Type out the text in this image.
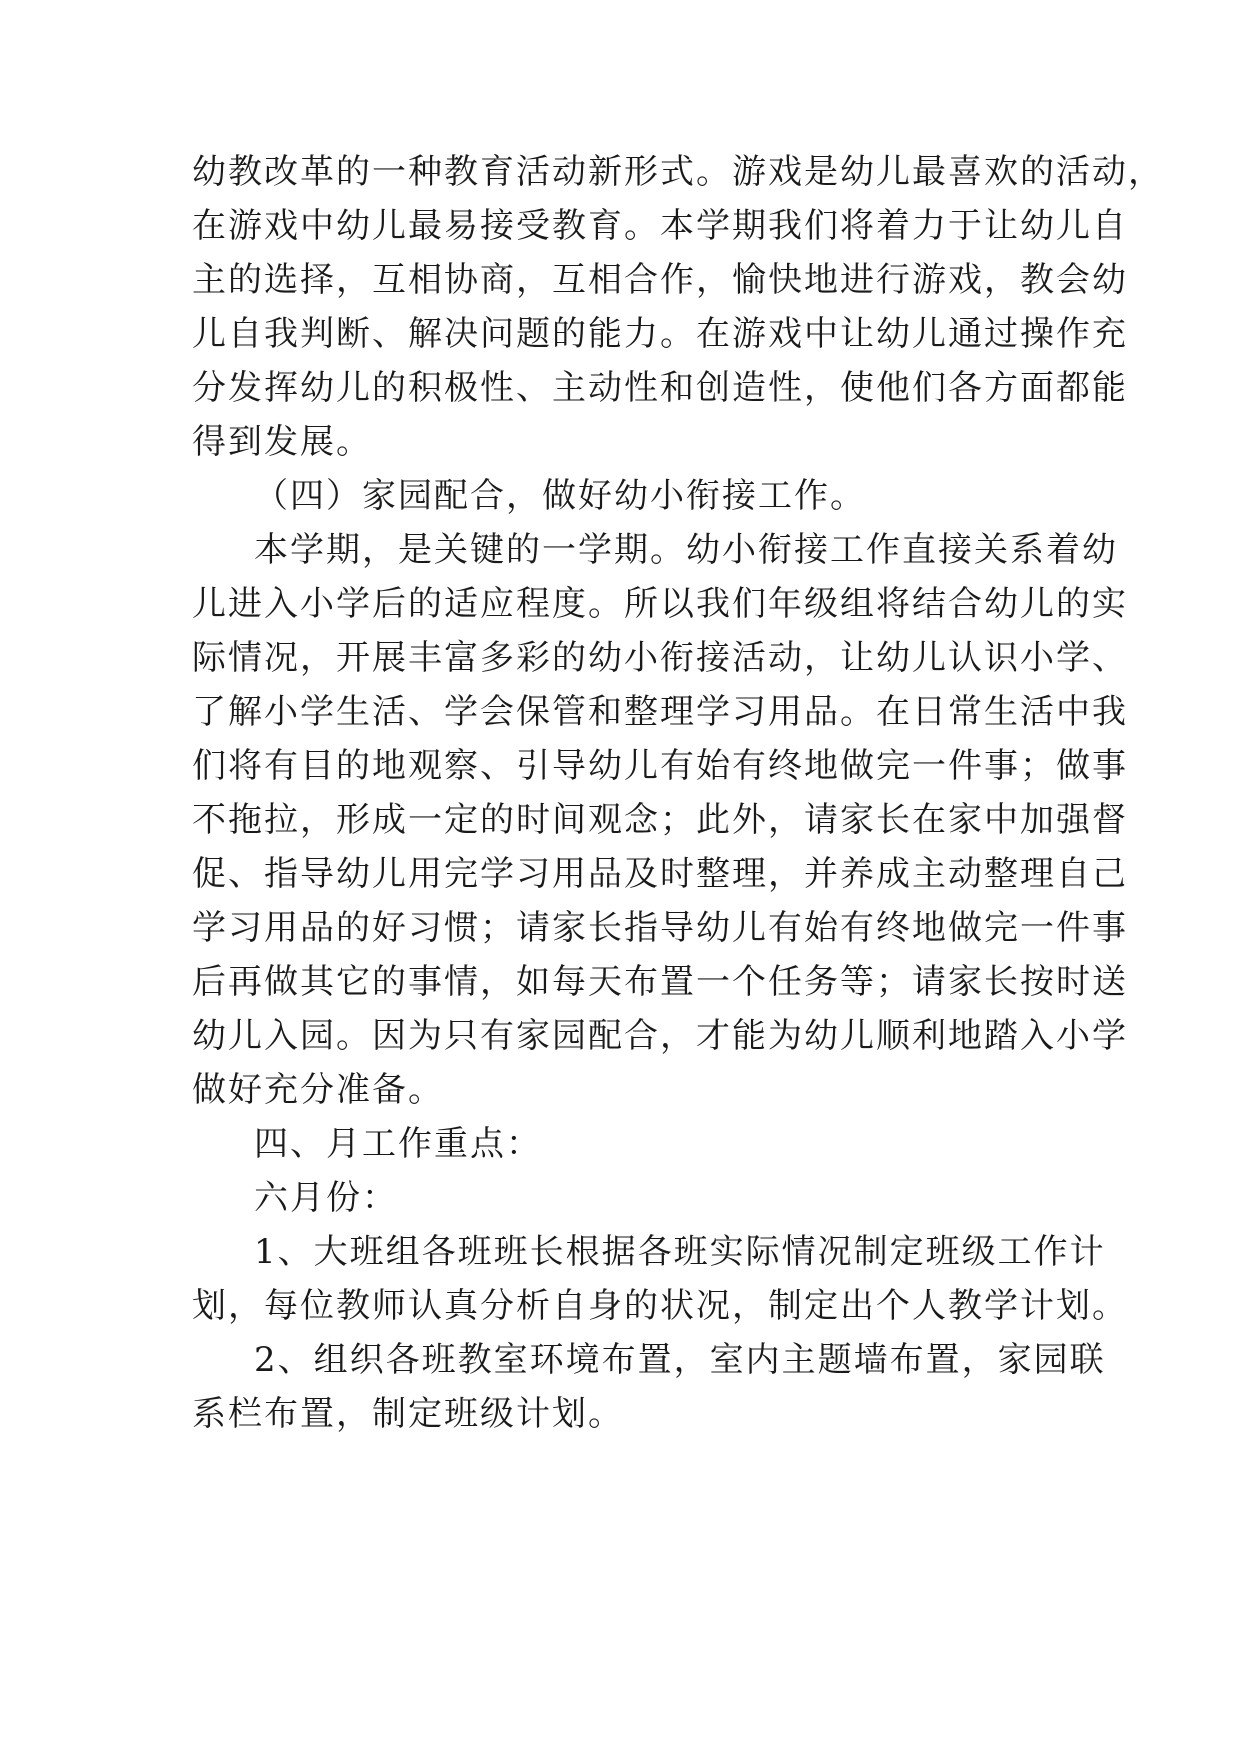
幼教改革的一种教育活动新形式。游戏是幼儿最喜欢的活动，
在游戏中幼儿最易接受教育。本学期我们将着力于让幼儿自
主的选择，互相协商，互相合作，愉快地进行游戏，教会幼
儿自我判断、解决问题的能力。在游戏中让幼儿通过操作充
分发挥幼儿的积极性、主动性和创造性，使他们各方面都能
得到发展。
（四）家园配合，做好幼小衔接工作。
本学期，是关键的一学期。幼小衔接工作直接关系着幼
儿进入小学后的适应程度。所以我们年级组将结合幼儿的实
际情况，开展丰富多彩的幼小衔接活动，让幼儿认识小学、
了解小学生活、学会保管和整理学习用品。在日常生活中我
们将有目的地观察、引导幼儿有始有终地做完一件事；做事
不拖拉，形成一定的时间观念；此外，请家长在家中加强督
促、指导幼儿用完学习用品及时整理，并养成主动整理自己
学习用品的好习惯；请家长指导幼儿有始有终地做完一件事
后再做其它的事情，如每天布置一个任务等；请家长按时送
幼儿入园。因为只有家园配合，才能为幼儿顺利地踏入小学
做好充分准备。
四、月工作重点：
六月份：
1、大班组各班班长根据各班实际情况制定班级工作计
划，每位教师认真分析自身的状况，制定出个人教学计划。
2、组织各班教室环境布置，室内主题墙布置，家园联
系栏布置，制定班级计划。
